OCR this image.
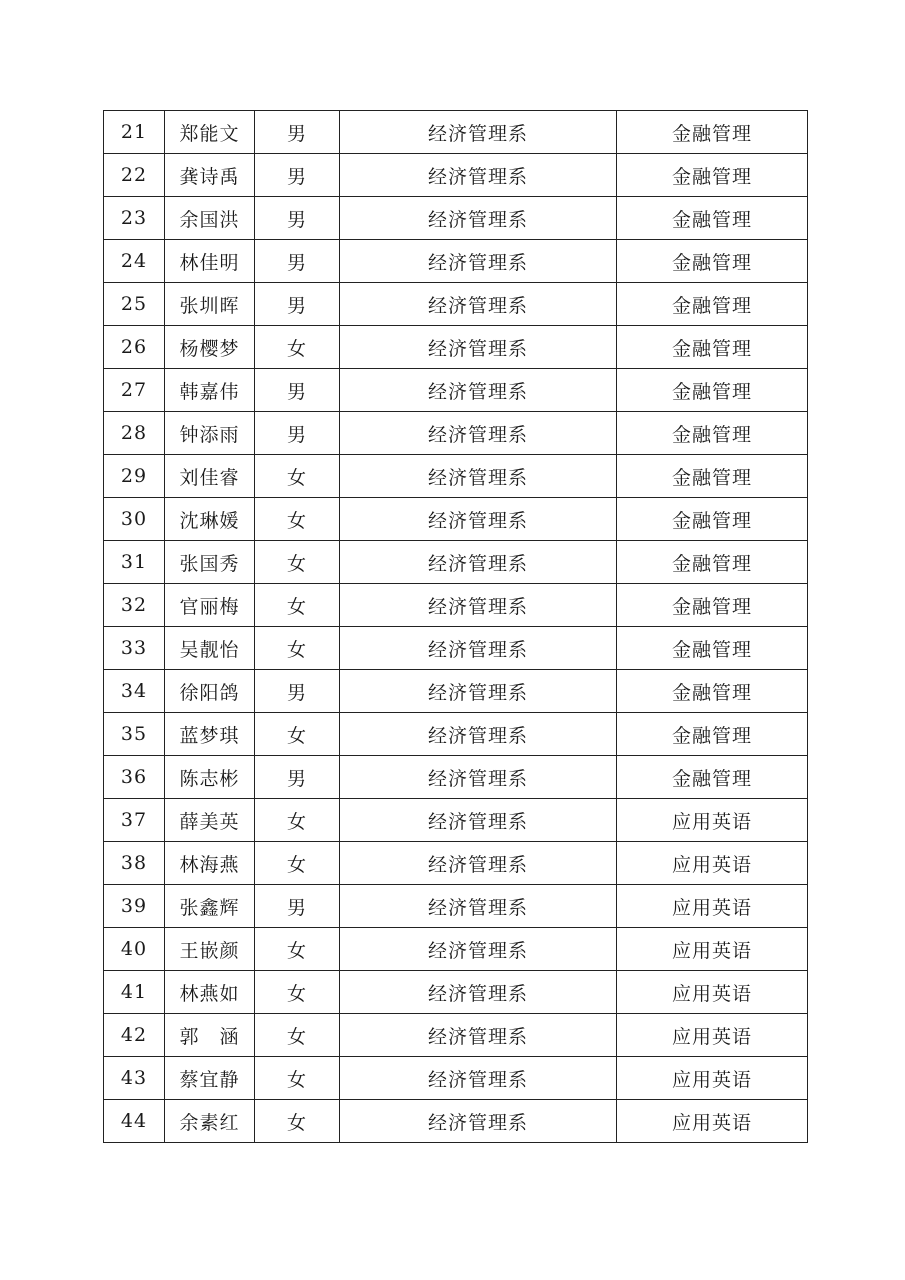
21	郑能文	男	经济管理系	金融管理
22	龚诗禹	男	经济管理系	金融管理
23	余国洪	男	经济管理系	金融管理
24	林佳明	男	经济管理系	金融管理
25	张圳晖	男	经济管理系	金融管理
26	杨樱梦	女	经济管理系	金融管理
27	韩嘉伟	男	经济管理系	金融管理
28	钟添雨	男	经济管理系	金融管理
29	刘佳睿	女	经济管理系	金融管理
30	沈琳媛	女	经济管理系	金融管理
31	张国秀	女	经济管理系	金融管理
32	官丽梅	女	经济管理系	金融管理
33	吴靓怡	女	经济管理系	金融管理
34	徐阳鸽	男	经济管理系	金融管理
35	蓝梦琪	女	经济管理系	金融管理
36	陈志彬	男	经济管理系	金融管理
37	薛美英	女	经济管理系	应用英语
38	林海燕	女	经济管理系	应用英语
39	张鑫辉	男	经济管理系	应用英语
40	王嵌颜	女	经济管理系	应用英语
41	林燕如	女	经济管理系	应用英语
42	郭　涵	女	经济管理系	应用英语
43	蔡宜静	女	经济管理系	应用英语
44	余素红	女	经济管理系	应用英语
